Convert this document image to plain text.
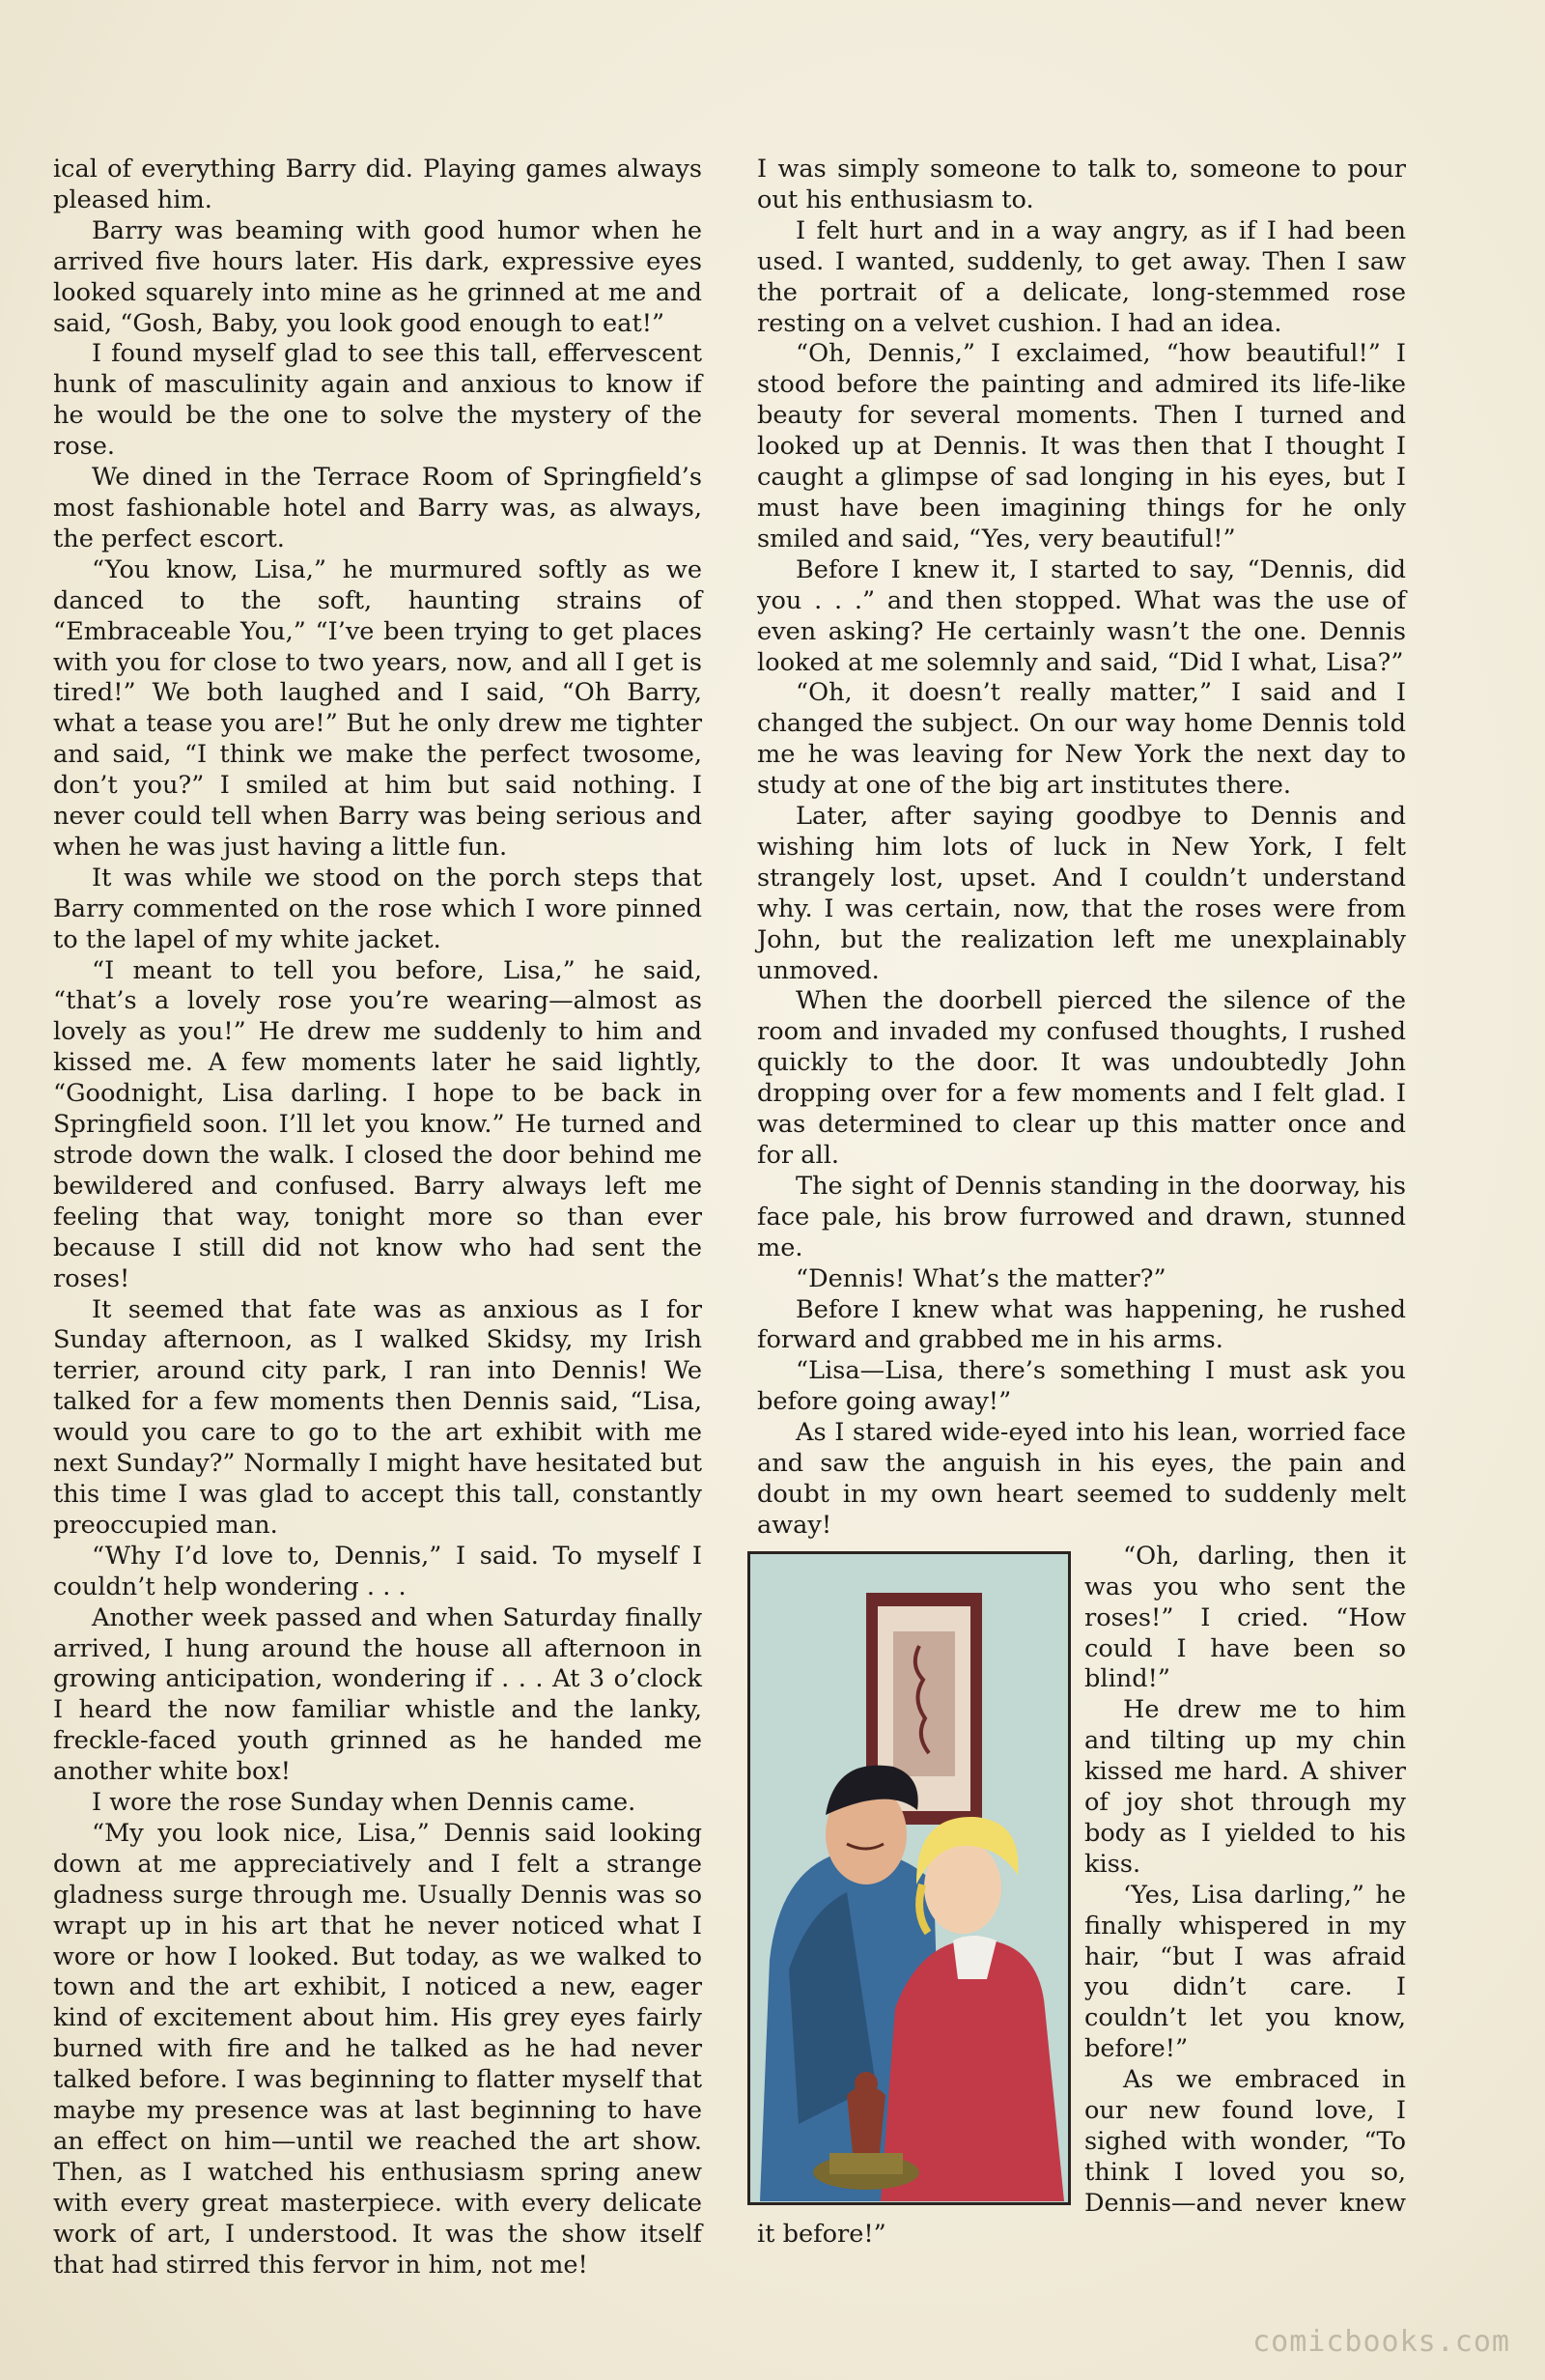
ical of everything Barry did. Playing games always pleased him.

Barry was beaming with good humor when he arrived five hours later. His dark, expressive eyes looked squarely into mine as he grinned at me and said, “Gosh, Baby, you look good enough to eat!”

I found myself glad to see this tall, effervescent hunk of masculinity again and anxious to know if he would be the one to solve the mystery of the rose.

We dined in the Terrace Room of Springfield’s most fashionable hotel and Barry was, as always, the perfect escort.

“You know, Lisa,” he murmured softly as we danced to the soft, haunting strains of “Embraceable You,” “I’ve been trying to get places with you for close to two years, now, and all I get is tired!” We both laughed and I said, “Oh Barry, what a tease you are!” But he only drew me tighter and said, “I think we make the perfect twosome, don’t you?” I smiled at him but said nothing. I never could tell when Barry was being serious and when he was just having a little fun.

It was while we stood on the porch steps that Barry commented on the rose which I wore pinned to the lapel of my white jacket.

“I meant to tell you before, Lisa,” he said, “that’s a lovely rose you’re wearing—almost as lovely as you!” He drew me suddenly to him and kissed me. A few moments later he said lightly, “Goodnight, Lisa darling. I hope to be back in Springfield soon. I’ll let you know.” He turned and strode down the walk. I closed the door behind me bewildered and confused. Barry always left me feeling that way, tonight more so than ever because I still did not know who had sent the roses!

It seemed that fate was as anxious as I for Sunday afternoon, as I walked Skidsy, my Irish terrier, around city park, I ran into Dennis! We talked for a few moments then Dennis said, “Lisa, would you care to go to the art exhibit with me next Sunday?” Normally I might have hesitated but this time I was glad to accept this tall, constantly preoccupied man.

“Why I’d love to, Dennis,” I said. To myself I couldn’t help wondering . . .

Another week passed and when Saturday finally arrived, I hung around the house all afternoon in growing anticipation, wondering if . . . At 3 o’clock I heard the now familiar whistle and the lanky, freckle-faced youth grinned as he handed me another white box!

I wore the rose Sunday when Dennis came.

“My you look nice, Lisa,” Dennis said looking down at me appreciatively and I felt a strange gladness surge through me. Usually Dennis was so wrapt up in his art that he never noticed what I wore or how I looked. But today, as we walked to town and the art exhibit, I noticed a new, eager kind of excitement about him. His grey eyes fairly burned with fire and he talked as he had never talked before. I was beginning to flatter myself that maybe my presence was at last beginning to have an effect on him—until we reached the art show. Then, as I watched his enthusiasm spring anew with every great masterpiece. with every delicate work of art, I understood. It was the show itself that had stirred this fervor in him, not me!

I was simply someone to talk to, someone to pour out his enthusiasm to.

I felt hurt and in a way angry, as if I had been used. I wanted, suddenly, to get away. Then I saw the portrait of a delicate, long-stemmed rose resting on a velvet cushion. I had an idea.

“Oh, Dennis,” I exclaimed, “how beautiful!” I stood before the painting and admired its life-like beauty for several moments. Then I turned and looked up at Dennis. It was then that I thought I caught a glimpse of sad longing in his eyes, but I must have been imagining things for he only smiled and said, “Yes, very beautiful!”

Before I knew it, I started to say, “Dennis, did you . . .” and then stopped. What was the use of even asking? He certainly wasn’t the one. Dennis looked at me solemnly and said, “Did I what, Lisa?”

“Oh, it doesn’t really matter,” I said and I changed the subject. On our way home Dennis told me he was leaving for New York the next day to study at one of the big art institutes there.

Later, after saying goodbye to Dennis and wishing him lots of luck in New York, I felt strangely lost, upset. And I couldn’t understand why. I was certain, now, that the roses were from John, but the realization left me unexplainably unmoved.

When the doorbell pierced the silence of the room and invaded my confused thoughts, I rushed quickly to the door. It was undoubtedly John dropping over for a few moments and I felt glad. I was determined to clear up this matter once and for all.

The sight of Dennis standing in the doorway, his face pale, his brow furrowed and drawn, stunned me.

“Dennis! What’s the matter?”

Before I knew what was happening, he rushed forward and grabbed me in his arms.

“Lisa—Lisa, there’s something I must ask you before going away!”

As I stared wide-eyed into his lean, worried face and saw the anguish in his eyes, the pain and doubt in my own heart seemed to suddenly melt away!

“Oh, darling, then it was you who sent the roses!” I cried. “How could I have been so blind!”

He drew me to him and tilting up my chin kissed me hard. A shiver of joy shot through my body as I yielded to his kiss.

‘Yes, Lisa darling,” he finally whispered in my hair, “but I was afraid you didn’t care. I couldn’t let you know, before!”

As we embraced in our new found love, I sighed with wonder, “To think I loved you so, Dennis—and never knew it before!”

comicbooks.com
